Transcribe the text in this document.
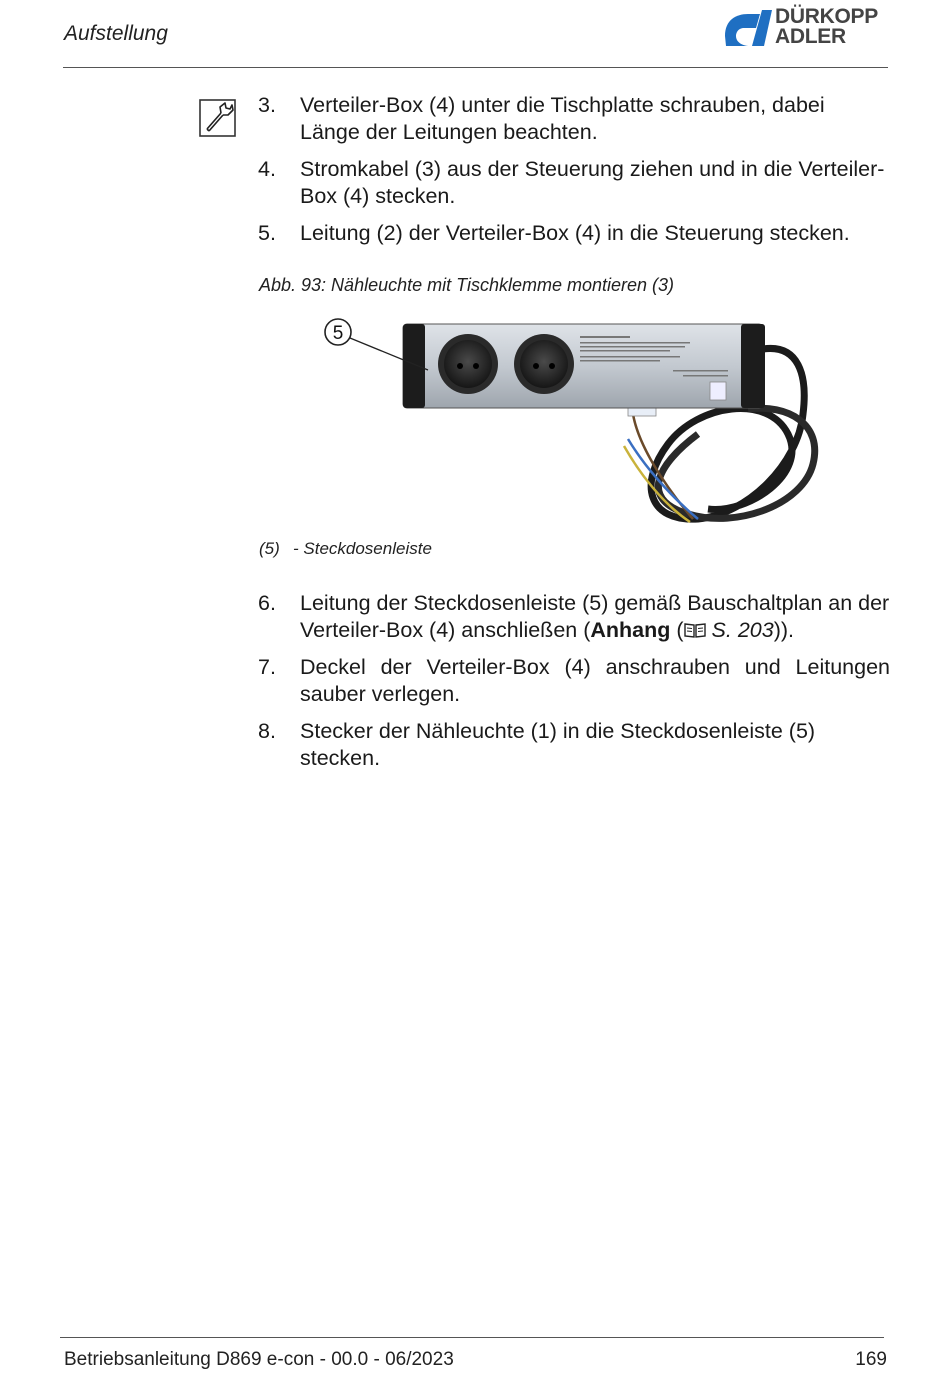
Aufstellung
DÜRKOPP
ADLER
3. Verteiler-Box (4) unter die Tischplatte schrauben, dabei Länge der Leitungen beachten.
4. Stromkabel (3) aus der Steuerung ziehen und in die Verteiler-Box (4) stecken.
5. Leitung (2) der Verteiler-Box (4) in die Steuerung stecken.
Abb. 93: Nähleuchte mit Tischklemme montieren (3)
5
(5) - Steckdosenleiste
6. Leitung der Steckdosenleiste (5) gemäß Bauschaltplan an der Verteiler-Box (4) anschließen (Anhang ( S. 203)).
7. Deckel der Verteiler-Box (4) anschrauben und Leitungen sauber verlegen.
8. Stecker der Nähleuchte (1) in die Steckdosenleiste (5) stecken.
Betriebsanleitung D869 e-con - 00.0 - 06/2023	169
